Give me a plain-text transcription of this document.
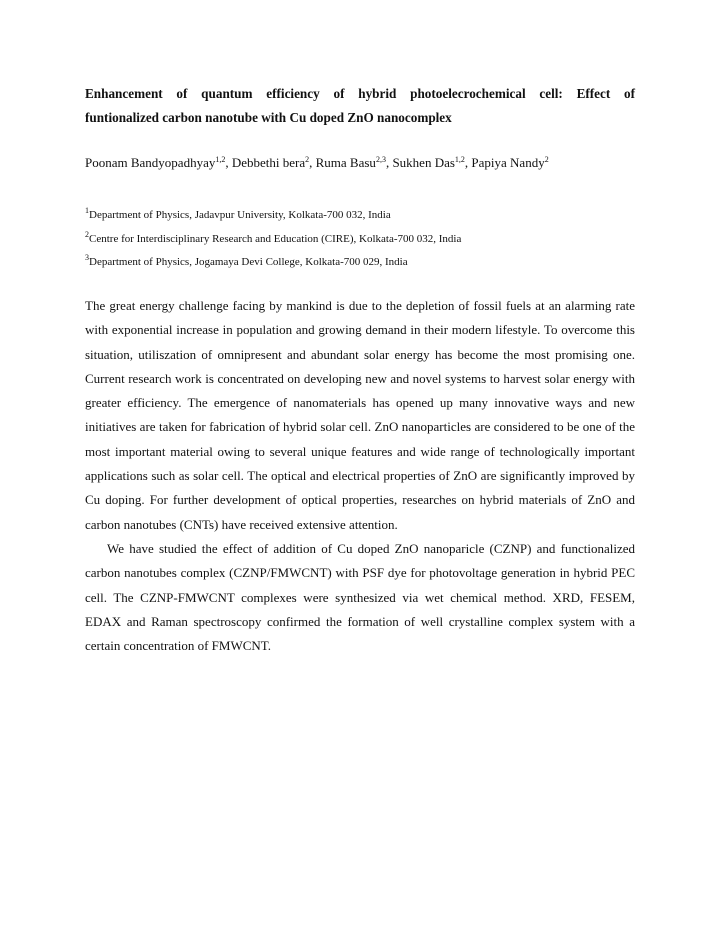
Enhancement of quantum efficiency of hybrid photoelecrochemical cell: Effect of
funtionalized carbon nanotube with Cu doped ZnO nanocomplex
Poonam Bandyopadhyay$^{1,2}$, Debbethi bera$^2$, Ruma Basu$^{2,3}$, Sukhen Das$^{1,2}$, Papiya Nandy$^2$
$^1$Department of Physics, Jadavpur University, Kolkata-700 032, India
$^2$Centre for Interdisciplinary Research and Education (CIRE), Kolkata-700 032, India
$^3$Department of Physics, Jogamaya Devi College, Kolkata-700 029, India

The great energy challenge facing by mankind is due to the depletion of fossil fuels at an alarming rate with exponential increase in population and growing demand in their modern lifestyle. To overcome this situation, utiliszation of omnipresent and abundant solar energy has become the most promising one. Current research work is concentrated on developing new and novel systems to harvest solar energy with greater efficiency. The emergence of nanomaterials has opened up many innovative ways and new initiatives are taken for fabrication of hybrid solar cell. ZnO nanoparticles are considered to be one of the most important material owing to several unique features and wide range of technologically important applications such as solar cell. The optical and electrical properties of ZnO are significantly improved by Cu doping. For further development of optical properties, researches on hybrid materials of ZnO and carbon nanotubes (CNTs) have received extensive attention.

We have studied the effect of addition of Cu doped ZnO nanoparicle (CZNP) and functionalized carbon nanotubes complex (CZNP/FMWCNT) with PSF dye for photovoltage generation in hybrid PEC cell. The CZNP-FMWCNT complexes were synthesized via wet chemical method. XRD, FESEM, EDAX and Raman spectroscopy confirmed the formation of well crystalline complex system with a certain concentration of FMWCNT.
